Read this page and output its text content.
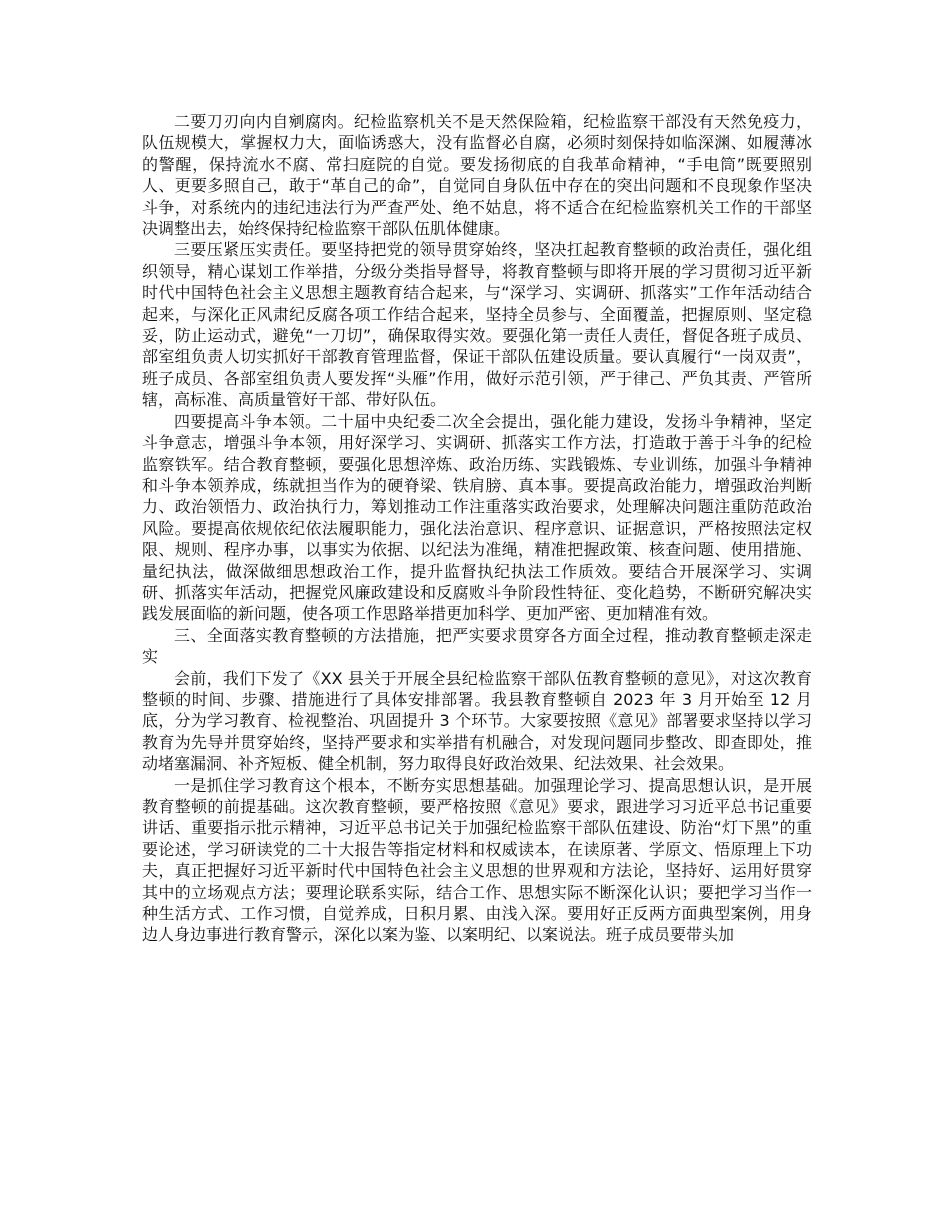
二要刀刃向内自剜腐肉。纪检监察机关不是天然保险箱，纪检监察干部没有天然免疫力，队伍规模大，掌握权力大，面临诱惑大，没有监督必自腐，必须时刻保持如临深渊、如履薄冰的警醒，保持流水不腐、常扫庭院的自觉。要发扬彻底的自我革命精神，“手电筒”既要照别人、更要多照自己，敢于“革自己的命”，自觉同自身队伍中存在的突出问题和不良现象作坚决斗争，对系统内的违纪违法行为严查严处、绝不姑息，将不适合在纪检监察机关工作的干部坚决调整出去，始终保持纪检监察干部队伍肌体健康。

三要压紧压实责任。要坚持把党的领导贯穿始终，坚决扛起教育整顿的政治责任，强化组织领导，精心谋划工作举措，分级分类指导督导，将教育整顿与即将开展的学习贯彻习近平新时代中国特色社会主义思想主题教育结合起来，与“深学习、实调研、抓落实”工作年活动结合起来，与深化正风肃纪反腐各项工作结合起来，坚持全员参与、全面覆盖，把握原则、坚定稳妥，防止运动式，避免“一刀切”，确保取得实效。要强化第一责任人责任，督促各班子成员、部室组负责人切实抓好干部教育管理监督，保证干部队伍建设质量。要认真履行“一岗双责”，班子成员、各部室组负责人要发挥“头雁”作用，做好示范引领，严于律己、严负其责、严管所辖，高标准、高质量管好干部、带好队伍。

四要提高斗争本领。二十届中央纪委二次全会提出，强化能力建设，发扬斗争精神，坚定斗争意志，增强斗争本领，用好深学习、实调研、抓落实工作方法，打造敢于善于斗争的纪检监察铁军。结合教育整顿，要强化思想淬炼、政治历练、实践锻炼、专业训练，加强斗争精神和斗争本领养成，练就担当作为的硬脊梁、铁肩膀、真本事。要提高政治能力，增强政治判断力、政治领悟力、政治执行力，筹划推动工作注重落实政治要求，处理解决问题注重防范政治风险。要提高依规依纪依法履职能力，强化法治意识、程序意识、证据意识，严格按照法定权限、规则、程序办事，以事实为依据、以纪法为准绳，精准把握政策、核查问题、使用措施、量纪执法，做深做细思想政治工作，提升监督执纪执法工作质效。要结合开展深学习、实调研、抓落实年活动，把握党风廉政建设和反腐败斗争阶段性特征、变化趋势，不断研究解决实践发展面临的新问题，使各项工作思路举措更加科学、更加严密、更加精准有效。

三、全面落实教育整顿的方法措施，把严实要求贯穿各方面全过程，推动教育整顿走深走实

会前，我们下发了《XX 县关于开展全县纪检监察干部队伍教育整顿的意见》，对这次教育整顿的时间、步骤、措施进行了具体安排部署。我县教育整顿自 2023 年 3 月开始至 12 月底，分为学习教育、检视整治、巩固提升 3 个环节。大家要按照《意见》部署要求坚持以学习教育为先导并贯穿始终，坚持严要求和实举措有机融合，对发现问题同步整改、即查即处，推动堵塞漏洞、补齐短板、健全机制，努力取得良好政治效果、纪法效果、社会效果。

一是抓住学习教育这个根本，不断夯实思想基础。加强理论学习、提高思想认识，是开展教育整顿的前提基础。这次教育整顿，要严格按照《意见》要求，跟进学习习近平总书记重要讲话、重要指示批示精神，习近平总书记关于加强纪检监察干部队伍建设、防治“灯下黑”的重要论述，学习研读党的二十大报告等指定材料和权威读本，在读原著、学原文、悟原理上下功夫，真正把握好习近平新时代中国特色社会主义思想的世界观和方法论，坚持好、运用好贯穿其中的立场观点方法；要理论联系实际，结合工作、思想实际不断深化认识；要把学习当作一种生活方式、工作习惯，自觉养成，日积月累、由浅入深。要用好正反两方面典型案例，用身边人身边事进行教育警示，深化以案为鉴、以案明纪、以案说法。班子成员要带头加
